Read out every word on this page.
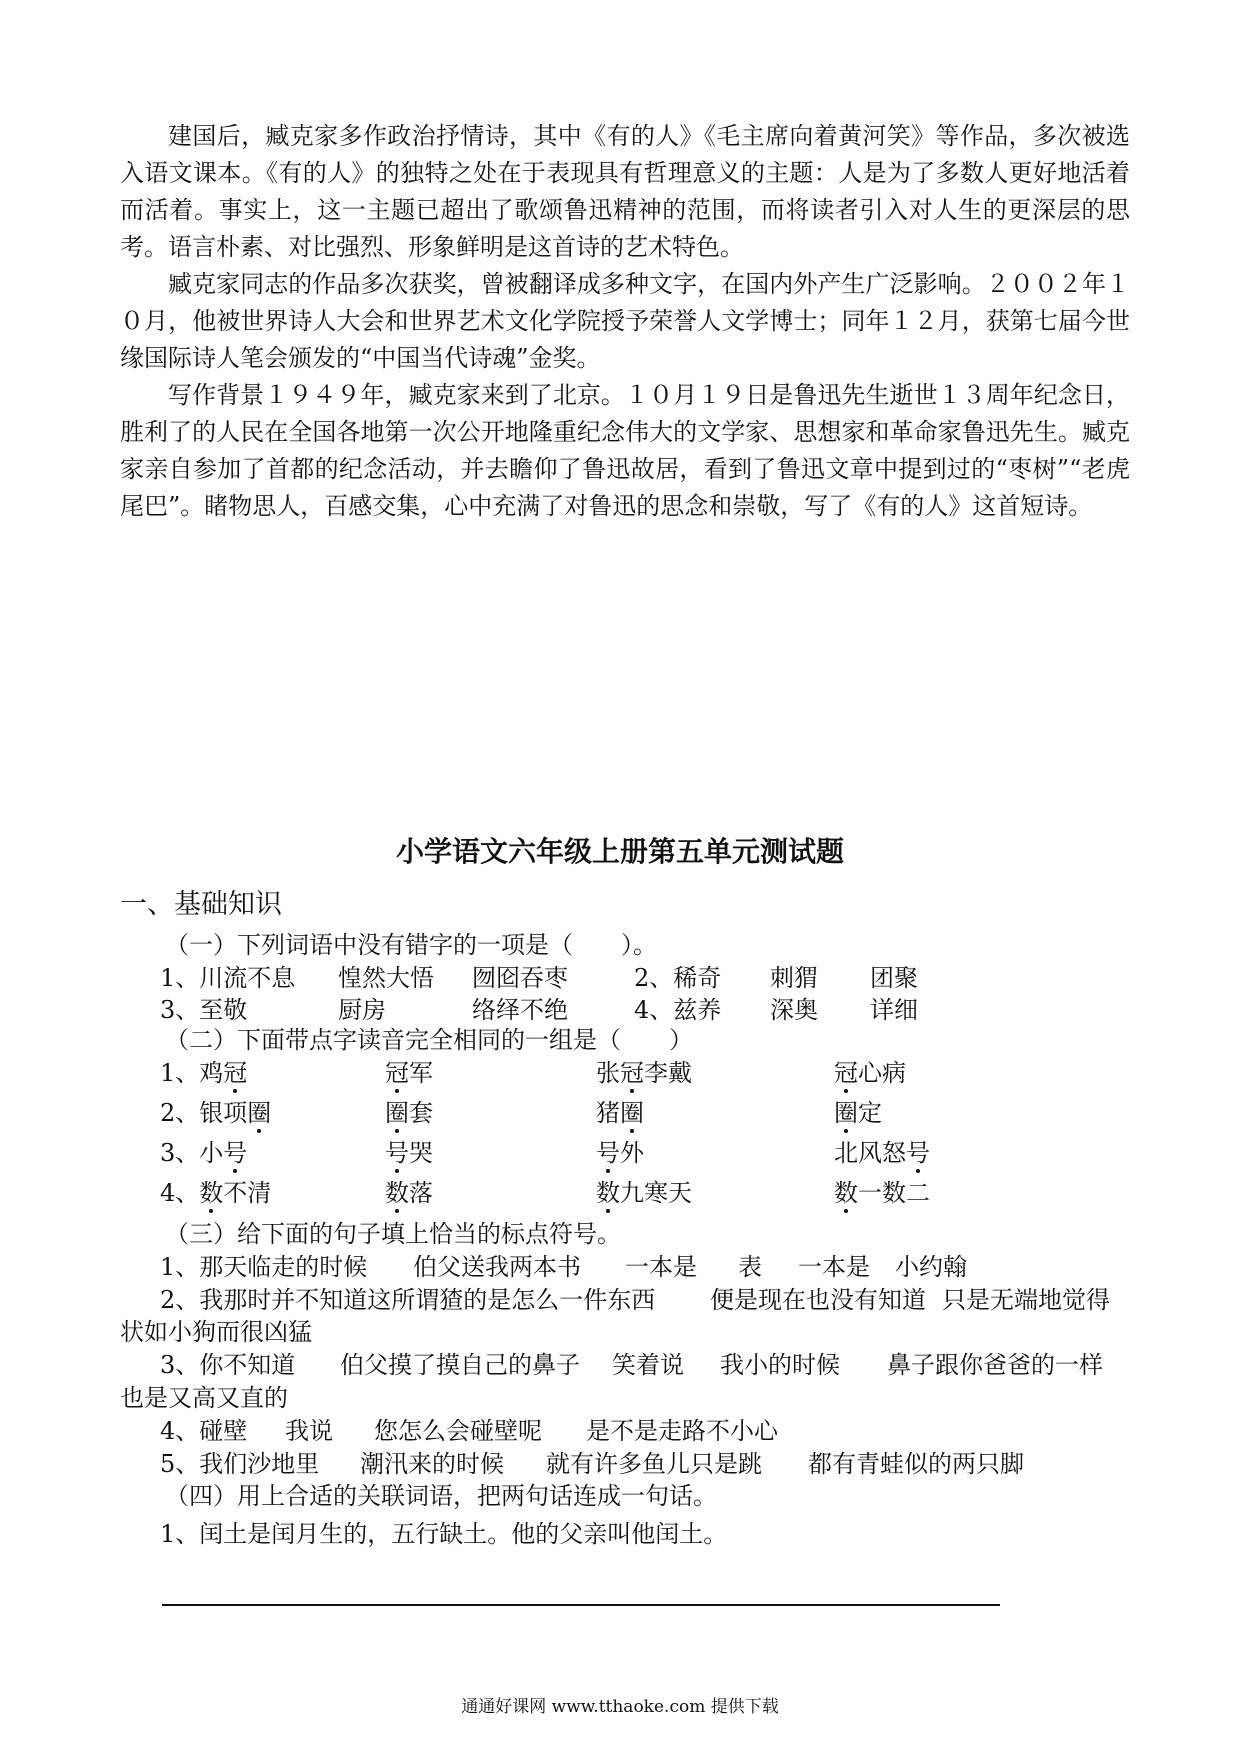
建国后，臧克家多作政治抒情诗，其中《有的人》《毛主席向着黄河笑》等作品，多次被选入语文课本。《有的人》的独特之处在于表现具有哲理意义的主题：人是为了多数人更好地活着而活着。事实上，这一主题已超出了歌颂鲁迅精神的范围，而将读者引入对人生的更深层的思考。语言朴素、对比强烈、形象鲜明是这首诗的艺术特色。

臧克家同志的作品多次获奖，曾被翻译成多种文字，在国内外产生广泛影响。２００２年１０月，他被世界诗人大会和世界艺术文化学院授予荣誉人文学博士；同年１２月，获第七届今世缘国际诗人笔会颁发的“中国当代诗魂”金奖。

写作背景１９４９年，臧克家来到了北京。１０月１９日是鲁迅先生逝世１３周年纪念日，胜利了的人民在全国各地第一次公开地隆重纪念伟大的文学家、思想家和革命家鲁迅先生。臧克家亲自参加了首都的纪念活动，并去瞻仰了鲁迅故居，看到了鲁迅文章中提到过的“枣树”“老虎尾巴”。睹物思人，百感交集，心中充满了对鲁迅的思念和崇敬，写了《有的人》这首短诗。

小学语文六年级上册第五单元测试题
一、基础知识
（一）下列词语中没有错字的一项是（　　）。
1、川流不息 惶然大悟 囫囵吞枣	2、稀奇 刺猬 团聚
3、至敬	厨房	络绎不绝	4、兹养 深奥 详细
（二）下面带点字读音完全相同的一组是（　　）
1、鸡冠	冠军	张冠李戴	冠心病
2、银项圈	圈套	猪圈	圈定
3、小号	号哭	号外	北风怒号
4、数不清	数落	数九寒天	数一数二
（三）给下面的句子填上恰当的标点符号。
1、那天临走的时候 伯父送我两本书 一本是 表 一本是 小约翰
2、我那时并不知道这所谓猹的是怎么一件东西 便是现在也没有知道 只是无端地觉得
状如小狗而很凶猛
3、你不知道 伯父摸了摸自己的鼻子 笑着说 我小的时候 鼻子跟你爸爸的一样
也是又高又直的
4、碰壁 我说 您怎么会碰壁呢 是不是走路不小心
5、我们沙地里 潮汛来的时候 就有许多鱼儿只是跳 都有青蛙似的两只脚
（四）用上合适的关联词语，把两句话连成一句话。
1、闰土是闰月生的，五行缺土。他的父亲叫他闰土。
通通好课网 www.tthaoke.com 提供下载
